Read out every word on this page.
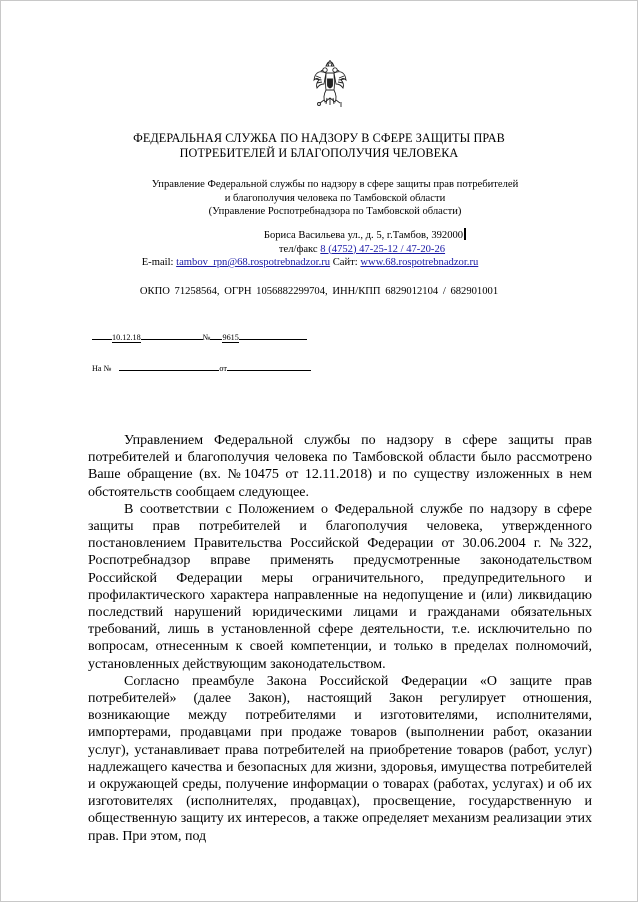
ФЕДЕРАЛЬНАЯ СЛУЖБА ПО НАДЗОРУ В СФЕРЕ ЗАЩИТЫ ПРАВ
ПОТРЕБИТЕЛЕЙ И БЛАГОПОЛУЧИЯ ЧЕЛОВЕКА
Управление Федеральной службы по надзору в сфере защиты прав потребителей
и благополучия человека по Тамбовской области
(Управление Роспотребнадзора по Тамбовской области)
Бориса Васильева ул., д. 5, г.Тамбов, 392000
тел/факс 8 (4752) 47-25-12 / 47-20-26
E-mail: tambov_rpn@68.rospotrebnadzor.ru Сайт: www.68.rospotrebnadzor.ru
ОКПО 71258564, ОГРН 1056882299704, ИНН/КПП 6829012104 / 682901001
10.12.18	№ 9615
На №	от

Управлением Федеральной службы по надзору в сфере защиты прав потребителей и благополучия человека по Тамбовской области было рассмотрено Ваше обращение (вх. №10475 от 12.11.2018) и по существу изложенных в нем обстоятельств сообщаем следующее.

В соответствии с Положением о Федеральной службе по надзору в сфере защиты прав потребителей и благополучия человека, утвержденного постановлением Правительства Российской Федерации от 30.06.2004 г. №322, Роспотребнадзор вправе применять предусмотренные законодательством Российской Федерации меры ограничительного, предупредительного и профилактического характера направленные на недопущение и (или) ликвидацию последствий нарушений юридическими лицами и гражданами обязательных требований, лишь в установленной сфере деятельности, т.е. исключительно по вопросам, отнесенным к своей компетенции, и только в пределах полномочий, установленных действующим законодательством.

Согласно преамбуле Закона Российской Федерации «О защите прав потребителей» (далее Закон), настоящий Закон регулирует отношения, возникающие между потребителями и изготовителями, исполнителями, импортерами, продавцами при продаже товаров (выполнении работ, оказании услуг), устанавливает права потребителей на приобретение товаров (работ, услуг) надлежащего качества и безопасных для жизни, здоровья, имущества потребителей и окружающей среды, получение информации о товарах (работах, услугах) и об их изготовителях (исполнителях, продавцах), просвещение, государственную и общественную защиту их интересов, а также определяет механизм реализации этих прав. При этом, под
